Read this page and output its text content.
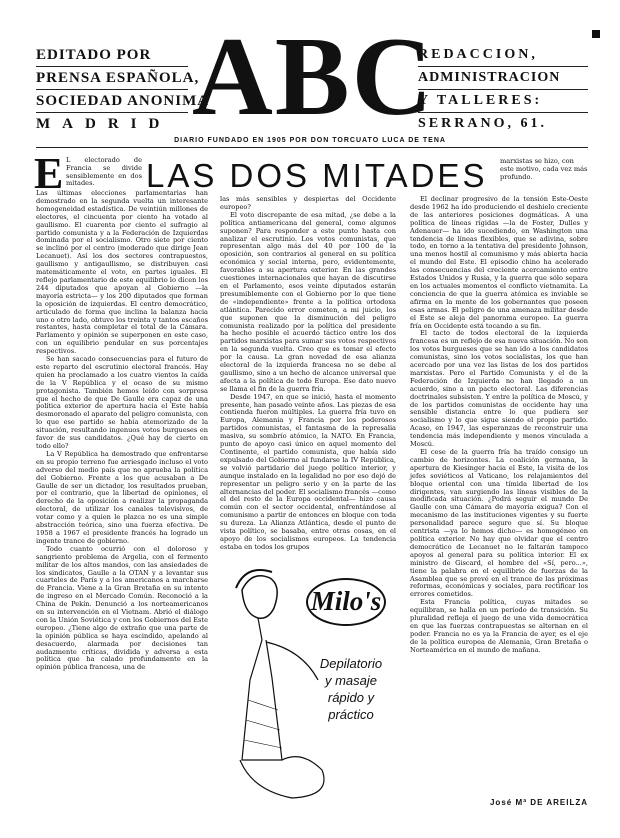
EDITADO POR
PRENSA ESPAÑOLA,
SOCIEDAD ANONIMA
MADRID ABC
REDACCION,
ADMINISTRACION
Y TALLERES:
SERRANO, 61.
DIARIO FUNDADO EN 1905 POR DON TORCUATO LUCA DE TENA
E L electorado de Francia se divide sensiblemente en dos mitades.	LAS DOS MITADES

Las últimas elecciones parlamentarias han demostrado en la segunda vuelta un interesante homogeneidad estadística. De veintiún millones de electores, el cincuenta por ciento ha votado al gaullismo. El cuarenta por ciento el sufragio al partido comunista y a la Federación de Izquierdas dominada por el socialismo. Otro siete por ciento se inclinó por el centro (moderado que dirige Jean Lecanuet). Así los dos sectores contrapuestos, gaullismo y antigaullismo, se distribuyen casi matemáticamente el voto, en partes iguales. El reflejo parlamentario de este equilibrio lo dicen los 244 diputados que apoyan al Gobierno —la mayoría estricta— y los 200 diputados que forman la oposición de izquierdas. El centro democrático, articulado de forma que inclina la balanza hacia uno o otro lado, obtuvo los treinta y tantos escaños restantes, hasta completar el total de la Cámara. Parlamento y opinión se superponen en este caso, con un equilibrio pendular en sus porcentajes respectivos.

Se han sacado consecuencias para el futuro de este reparto del escrutinio electoral francés. Hay quien ha proclamado a los cuatro vientos la caída de la V República y el ocaso de su mismo protagonista. También hemos leído con sorpresa que el hecho de que De Gaulle era capaz de una política exterior de apertura hacia el Este había desmoronado el aparato del peligro comunista, con lo que ese partido se había atemorizado de la situación, resultando ingenuos votos burgueses en favor de sus candidatos. ¿Qué hay de cierto en todo ello?

La V República ha demostrado que enfrentarse en su propio terreno fue arriesgado incluso el voto adverso del medio país que no aprueba la política del Gobierno. Frente a los que acusaban a De Gaulle de ser un dictador, los resultados prueban, por el contrario, que la libertad de opiniones, el derecho de la oposición a realizar la propaganda electoral, de utilizar los canales televisivos, de votar como y a quien le plazca no es una simple abstracción teórica, sino una fuerza efectiva. De 1958 a 1967 el presidente francés ha logrado un ingente trance de gobierno.

Todo cuanto ocurrió con el doloroso y sangriento problema de Argelia, con el fermento militar de los altos mandos, con las ansiedades de los sindicatos, Gaulle a la OTAN y a levantar sus cuarteles de París y a los americanos a marcharse de Francia. Viene a la Gran Bretaña en su intento de ingreso en el Mercado Común. Reconoció a la China de Pekín. Denunció a los norteamericanos en su intervención en el Vietnam. Abrió el diálogo con la Unión Soviética y con los Gobiernos del Este europeo. ¿Tiene algo de extraño que una parte de la opinión pública se haya escindido, apelando al desacuerdo, alarmada por decisiones tan audazmente críticas, dividida y adversa a esta política que ha calado profundamente en la opinión pública francesa, una de

las más sensibles y despiertas del Occidente europeo?

El voto discrepante de esa mitad, ¿se debe a la política antiamericana del general, como algunos suponen? Para responder a este punto hasta con analizar el escrutinio. Los votos comunistas, que representan algo más del 40 por 100 de la oposición, son contrarios al general en su política económica y social interna, pero, evidentemente, favorables a su apertura exterior. En las grandes cuestiones internacionales que hayan de discutirse en el Parlamento, esos veinte diputados estarán presumiblemente con el Gobierno por lo que tiene de «independiente» frente a la política ortodoxa atlántica. Parecido error cometen, a mi juicio, los que suponen que la disminución del peligro comunista realizado por la política del presidente ha hecho posible el acuerdo táctico entre los dos partidos marxistas para sumar sus votos respectivos en la segunda vuelta. Creo que es tomar el efecto por la causa. La gran novedad de esa alianza electoral de la izquierda francesa no se debe al gaullismo, sino a un hecho de alcance universal que afecta a la política de todo Europa. Ese dato nuevo se llama el fin de la guerra fría.

Desde 1947, en que se inició, hasta el momento presente, han pasado veinte años. Las piezas de esa contienda fueron múltiples. La guerra fría tuvo en Europa, Alemania y Francia por los poderosos partidos comunistas, el fantasma de la represalia masiva, su sombrío atómico, la NATO. En Francia, punto de apoyo casi único en aquel momento del Continente, el partido comunista, que había sido expulsado del Gobierno al fundarse la IV República, se volvió partidario del juego político interior, y aunque instalado en la legalidad no por eso dejó de representar un peligro serio y en la parte de las alternancias del poder. El socialismo francés —como el del resto de la Europa occidental— hizo causa común con el sector occidental, enfrentándose al comunismo a partir de entonces en bloque con toda su dureza. La Alianza Atlántica, desde el punto de vista político, se basaba, entre otras cosas, en el apoyo de los socialismos europeos. La tendencia estaba en todos los grupos

marxistas se hizo, con este motivo, cada vez más profundo.

El declinar progresivo de la tensión Este-Oeste desde 1962 ha ido produciendo el deshielo creciente de las anteriores posiciones dogmáticas. A una política de líneas rígidas —la de Foster, Dulles y Adenauer— ha ido sucediendo, en Washington una tendencia de líneas flexibles, que se adivina, sobre todo, en torno a la tentativa del presidente Johnson, una menos hostil al comunismo y más abierta hacia el mundo del Este. El episodio chino ha acelerado las consecuencias del creciente acercamiento entre Estados Unidos y Rusia, y la guerra que sólo separa en los actuales momentos el conflicto vietnamita. La conciencia de que la guerra atómica es inviable se afirma en la mente de los gobernantes que poseen esas armas. El peligro de una amenaza militar desde el Este se aleja del panorama europeo. La guerra fría en Occidente está tocando a su fin.

El tacto de todos electoral de la izquierda francesa es un reflejo de esa nueva situación. No son los votos burgueses que se han ido a los candidatos comunistas, sino los votos socialistas, los que han acercado por una vez las listas de los dos partidos marxistas. Pero el Partido Comunista y el de la Federación de Izquierda no han llegado a un acuerdo, sino a un pacto electoral. Las diferencias doctrinales subsisten. Y entre la política de Moscú, y de los partidos comunistas de occidente hay una sensible distancia entre lo que pudiera ser socialismo y lo que sigue siendo el propio partido. Acaso, en 1947, las esperanzas de reconstruir una tendencia más independiente y menos vinculada a Moscú.

El cese de la guerra fría ha traído consigo un cambio de horizontes. La coalición germana, la apertura de Kiesinger hacia el Este, la visita de los jefes soviéticos al Vaticano, los relajamientos del bloque oriental con una tímida libertad de los dirigentes, van surgiendo las líneas visibles de la modificada situación. ¿Podrá seguir el mundo De Gaulle con una Cámara de mayoría exigua? Con el mecanismo de las instituciones vigentes y su fuerte personalidad parece seguro que sí. Su bloque centrista —ya lo hemos dicho— es homogéneo en política exterior. No hay que olvidar que el centro democrático de Lecanuet no le faltarán tampoco apoyos al general para su política interior. El ex ministro de Giscard, el hombre del «Sí, pero...», tiene la palabra en el equilibrio de fuerzas de la Asamblea que se prevé en el trance de las próximas reformas, económicas y sociales, para rectificar los errores cometidos.

Esta Francia política, cuyas mitades se equilibran, se halla en un período de transición. Su pluralidad refleja el juego de una vida democrática en que las fuerzas contrapuestas se alternan en el poder. Francia no es ya la Francia de ayer, es el eje de la política europea de Alemania, Gran Bretaña o Norteamérica en el mundo de mañana.

Milo's
Depilatorio
y masaje
rápido y
práctico
José Mª DE AREILZA
